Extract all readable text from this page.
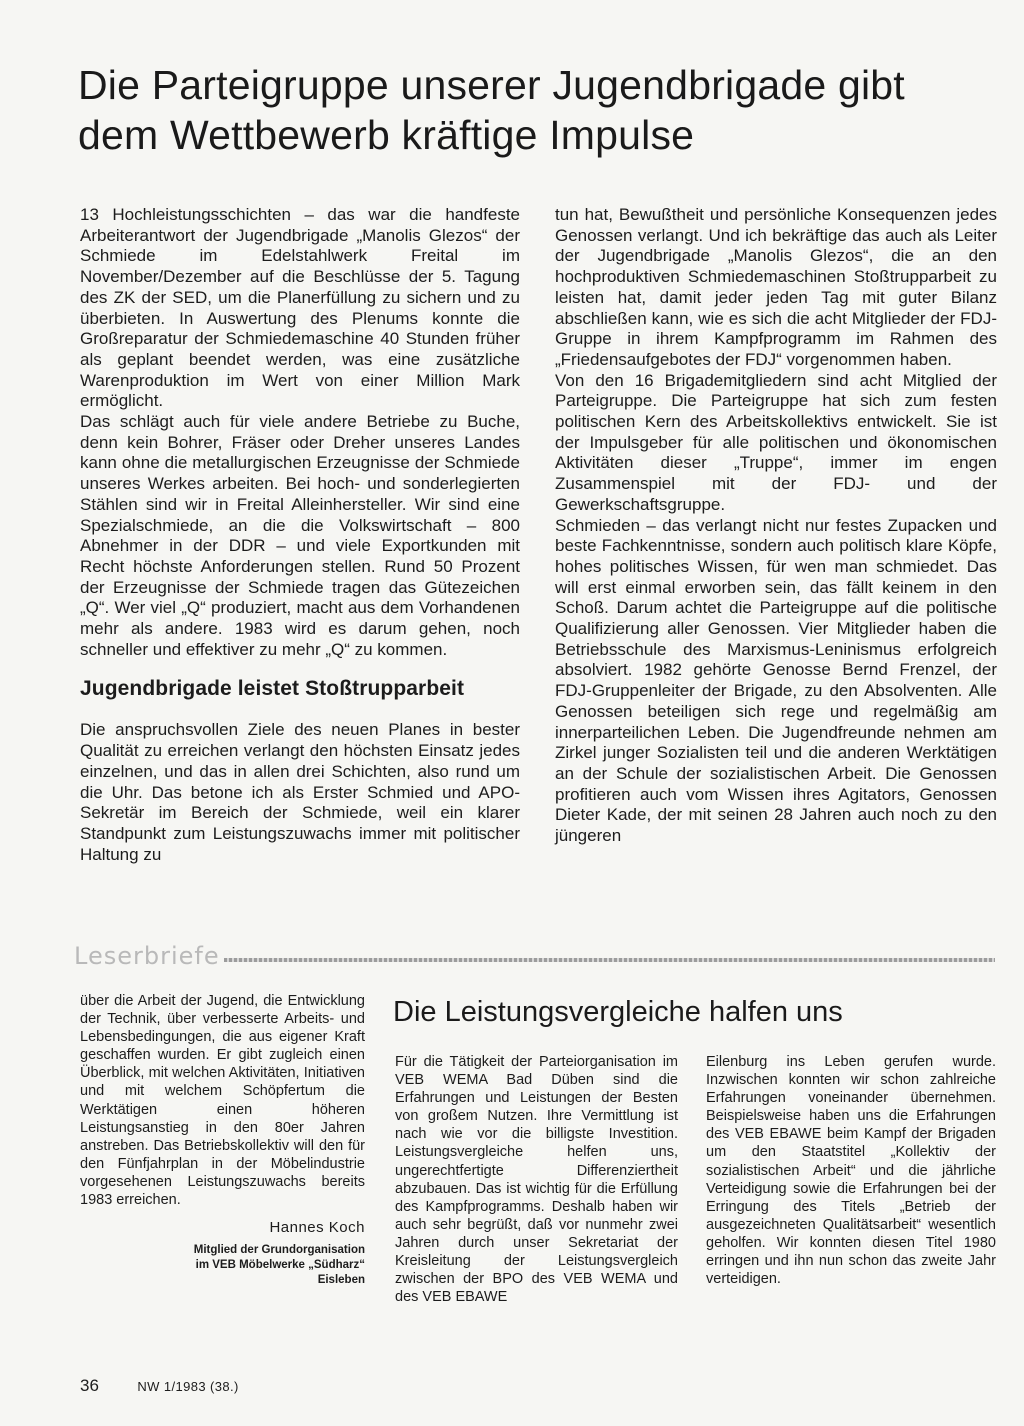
Die Parteigruppe unserer Jugendbrigade gibt dem Wettbewerb kräftige Impulse

13 Hochleistungsschichten – das war die handfeste Arbeiterantwort der Jugendbrigade „Manolis Glezos“ der Schmiede im Edelstahlwerk Freital im November/Dezember auf die Beschlüsse der 5. Tagung des ZK der SED, um die Planerfüllung zu sichern und zu überbieten. In Auswertung des Plenums konnte die Großreparatur der Schmiedemaschine 40 Stunden früher als geplant beendet werden, was eine zusätzliche Warenproduktion im Wert von einer Million Mark ermöglicht.

Das schlägt auch für viele andere Betriebe zu Buche, denn kein Bohrer, Fräser oder Dreher unseres Landes kann ohne die metallurgischen Erzeugnisse der Schmiede unseres Werkes arbeiten. Bei hoch- und sonderlegierten Stählen sind wir in Freital Alleinhersteller. Wir sind eine Spezialschmiede, an die die Volkswirtschaft – 800 Abnehmer in der DDR – und viele Exportkunden mit Recht höchste Anforderungen stellen. Rund 50 Prozent der Erzeugnisse der Schmiede tragen das Gütezeichen „Q“. Wer viel „Q“ produziert, macht aus dem Vorhandenen mehr als andere. 1983 wird es darum gehen, noch schneller und effektiver zu mehr „Q“ zu kommen.

Jugendbrigade leistet Stoßtrupparbeit

Die anspruchsvollen Ziele des neuen Planes in bester Qualität zu erreichen verlangt den höchsten Einsatz jedes einzelnen, und das in allen drei Schichten, also rund um die Uhr. Das betone ich als Erster Schmied und APO-Sekretär im Bereich der Schmiede, weil ein klarer Standpunkt zum Leistungszuwachs immer mit politischer Haltung zu

tun hat, Bewußtheit und persönliche Konsequenzen jedes Genossen verlangt. Und ich bekräftige das auch als Leiter der Jugendbrigade „Manolis Glezos“, die an den hochproduktiven Schmiedemaschinen Stoßtrupparbeit zu leisten hat, damit jeder jeden Tag mit guter Bilanz abschließen kann, wie es sich die acht Mitglieder der FDJ-Gruppe in ihrem Kampfprogramm im Rahmen des „Friedensaufgebotes der FDJ“ vorgenommen haben.

Von den 16 Brigademitgliedern sind acht Mitglied der Parteigruppe. Die Parteigruppe hat sich zum festen politischen Kern des Arbeitskollektivs entwickelt. Sie ist der Impulsgeber für alle politischen und ökonomischen Aktivitäten dieser „Truppe“, immer im engen Zusammenspiel mit der FDJ- und der Gewerkschaftsgruppe.

Schmieden – das verlangt nicht nur festes Zupacken und beste Fachkenntnisse, sondern auch politisch klare Köpfe, hohes politisches Wissen, für wen man schmiedet. Das will erst einmal erworben sein, das fällt keinem in den Schoß. Darum achtet die Parteigruppe auf die politische Qualifizierung aller Genossen. Vier Mitglieder haben die Betriebsschule des Marxismus-Leninismus erfolgreich absolviert. 1982 gehörte Genosse Bernd Frenzel, der FDJ-Gruppenleiter der Brigade, zu den Absolventen. Alle Genossen beteiligen sich rege und regelmäßig am innerparteilichen Leben. Die Jugendfreunde nehmen am Zirkel junger Sozialisten teil und die anderen Werktätigen an der Schule der sozialistischen Arbeit. Die Genossen profitieren auch vom Wissen ihres Agitators, Genossen Dieter Kade, der mit seinen 28 Jahren auch noch zu den jüngeren

Leserbriefe

über die Arbeit der Jugend, die Entwicklung der Technik, über verbesserte Arbeits- und Lebensbedingungen, die aus eigener Kraft geschaffen wurden. Er gibt zugleich einen Überblick, mit welchen Aktivitäten, Initiativen und mit welchem Schöpfertum die Werktätigen einen höheren Leistungsanstieg in den 80er Jahren anstreben. Das Betriebskollektiv will den für den Fünfjahrplan in der Möbelindustrie vorgesehenen Leistungszuwachs bereits 1983 erreichen.

Hannes Koch

Mitglied der Grundorganisation
im VEB Möbelwerke „Südharz“
Eisleben

Die Leistungsvergleiche halfen uns

Für die Tätigkeit der Parteiorganisation im VEB WEMA Bad Düben sind die Erfahrungen und Leistungen der Besten von großem Nutzen. Ihre Vermittlung ist nach wie vor die billigste Investition. Leistungsvergleiche helfen uns, ungerechtfertigte Differenziertheit abzubauen. Das ist wichtig für die Erfüllung des Kampfprogramms. Deshalb haben wir auch sehr begrüßt, daß vor nunmehr zwei Jahren durch unser Sekretariat der Kreisleitung der Leistungsvergleich zwischen der BPO des VEB WEMA und des VEB EBAWE

Eilenburg ins Leben gerufen wurde. Inzwischen konnten wir schon zahlreiche Erfahrungen voneinander übernehmen. Beispielsweise haben uns die Erfahrungen des VEB EBAWE beim Kampf der Brigaden um den Staatstitel „Kollektiv der sozialistischen Arbeit“ und die jährliche Verteidigung sowie die Erfahrungen bei der Erringung des Titels „Betrieb der ausgezeichneten Qualitätsarbeit“ wesentlich geholfen. Wir konnten diesen Titel 1980 erringen und ihn nun schon das zweite Jahr verteidigen.

36	NW 1/1983 (38.)
